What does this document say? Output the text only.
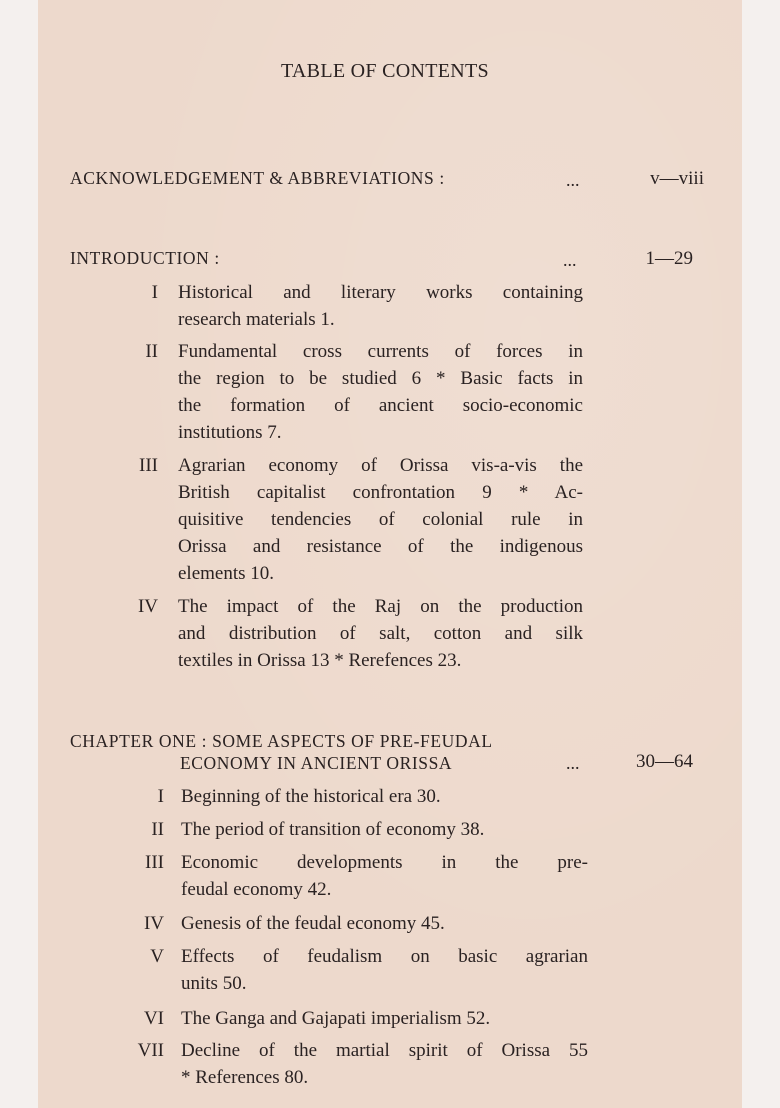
TABLE OF CONTENTS
ACKNOWLEDGEMENT & ABBREVIATIONS :	...	v—viii
INTRODUCTION :	...	1—29
I Historical and literary works containing
research materials 1.
II Fundamental cross currents of forces in
the region to be studied 6 * Basic facts in
the formation of ancient socio-economic
institutions 7.
III Agrarian economy of Orissa vis-a-vis the
British capitalist confrontation 9 * Ac-
quisitive tendencies of colonial rule in
Orissa and resistance of the indigenous
elements 10.
IV The impact of the Raj on the production
and distribution of salt, cotton and silk
textiles in Orissa 13 * Rerefences 23.
CHAPTER ONE : SOME ASPECTS OF PRE-FEUDAL
ECONOMY IN ANCIENT ORISSA	...	30—64
I Beginning of the historical era 30.
II The period of transition of economy 38.
III Economic developments in the pre-
feudal economy 42.
IV Genesis of the feudal economy 45.
V Effects of feudalism on basic agrarian
units 50.
VI The Ganga and Gajapati imperialism 52.
VII Decline of the martial spirit of Orissa 55
* References 80.
